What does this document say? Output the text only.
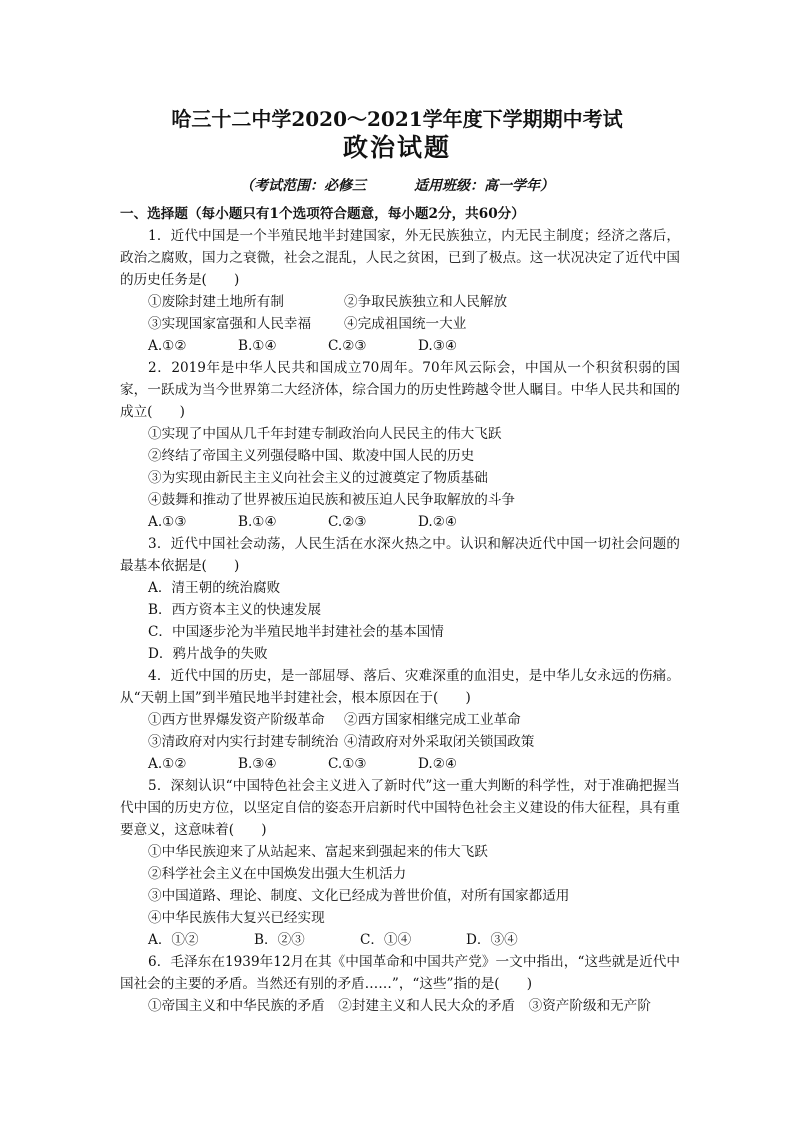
哈三十二中学2020～2021学年度下学期期中考试
政治试题
（考试范围：必修三	适用班级：高一学年）
一、选择题（每小题只有1个选项符合题意，每小题2分，共60分）
1．近代中国是一个半殖民地半封建国家，外无民族独立，内无民主制度；经济之落后，政治之腐败，国力之衰微，社会之混乱，人民之贫困，已到了极点。这一状况决定了近代中国的历史任务是(　　)
①废除封建土地所有制	②争取民族独立和人民解放
③实现国家富强和人民幸福	④完成祖国统一大业
A.①②	B.①④	C.②③	D.③④
2．2019年是中华人民共和国成立70周年。70年风云际会，中国从一个积贫积弱的国家，一跃成为当今世界第二大经济体，综合国力的历史性跨越令世人瞩目。中华人民共和国的成立(　　)
①实现了中国从几千年封建专制政治向人民民主的伟大飞跃
②终结了帝国主义列强侵略中国、欺凌中国人民的历史
③为实现由新民主主义向社会主义的过渡奠定了物质基础
④鼓舞和推动了世界被压迫民族和被压迫人民争取解放的斗争
A.①③	B.①④	C.②③	D.②④
3．近代中国社会动荡，人民生活在水深火热之中。认识和解决近代中国一切社会问题的最基本依据是(　　)
A．清王朝的统治腐败
B．西方资本主义的快速发展
C．中国逐步沦为半殖民地半封建社会的基本国情
D．鸦片战争的失败
4．近代中国的历史，是一部屈辱、落后、灾难深重的血泪史，是中华儿女永远的伤痛。从“天朝上国”到半殖民地半封建社会，根本原因在于(　　)
①西方世界爆发资产阶级革命	②西方国家相继完成工业革命
③清政府对内实行封建专制统治 ④清政府对外采取闭关锁国政策
A.①②	B.③④	C.①③	D.②④
5．深刻认识“中国特色社会主义进入了新时代”这一重大判断的科学性，对于准确把握当代中国的历史方位，以坚定自信的姿态开启新时代中国特色社会主义建设的伟大征程，具有重要意义，这意味着(　　)
①中华民族迎来了从站起来、富起来到强起来的伟大飞跃
②科学社会主义在中国焕发出强大生机活力
③中国道路、理论、制度、文化已经成为普世价值，对所有国家都适用
④中华民族伟大复兴已经实现
A．①②	B．②③	C．①④	D．③④
6．毛泽东在1939年12月在其《中国革命和中国共产党》一文中指出，“这些就是近代中国社会的主要的矛盾。当然还有别的矛盾……”，“这些”指的是(　　)
①帝国主义和中华民族的矛盾　②封建主义和人民大众的矛盾　③资产阶级和无产阶
